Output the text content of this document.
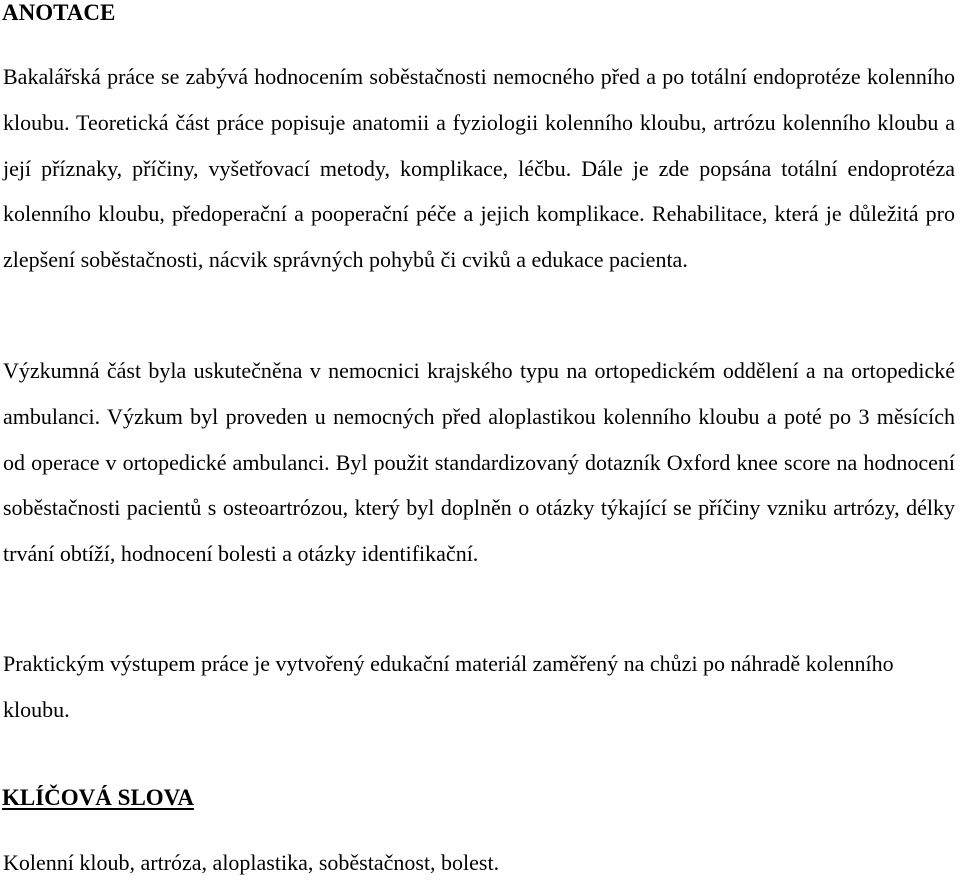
ANOTACE

Bakalářská práce se zabývá hodnocením soběstačnosti nemocného před a po totální endoprotéze kolenního kloubu. Teoretická část práce popisuje anatomii a fyziologii kolenního kloubu, artrózu kolenního kloubu a její příznaky, příčiny, vyšetřovací metody, komplikace, léčbu. Dále je zde popsána totální endoprotéza kolenního kloubu, předoperační a pooperační péče a jejich komplikace. Rehabilitace, která je důležitá pro zlepšení soběstačnosti, nácvik správných pohybů či cviků a edukace pacienta.

Výzkumná část byla uskutečněna v nemocnici krajského typu na ortopedickém oddělení a na ortopedické ambulanci. Výzkum byl proveden u nemocných před aloplastikou kolenního kloubu a poté po 3 měsících od operace v ortopedické ambulanci. Byl použit standardizovaný dotazník Oxford knee score na hodnocení soběstačnosti pacientů s osteoartrózou, který byl doplněn o otázky týkající se příčiny vzniku artrózy, délky trvání obtíží, hodnocení bolesti a otázky identifikační.

Praktickým výstupem práce je vytvořený edukační materiál zaměřený na chůzi po náhradě kolenního kloubu.

KLÍČOVÁ SLOVA

Kolenní kloub, artróza, aloplastika, soběstačnost, bolest.
